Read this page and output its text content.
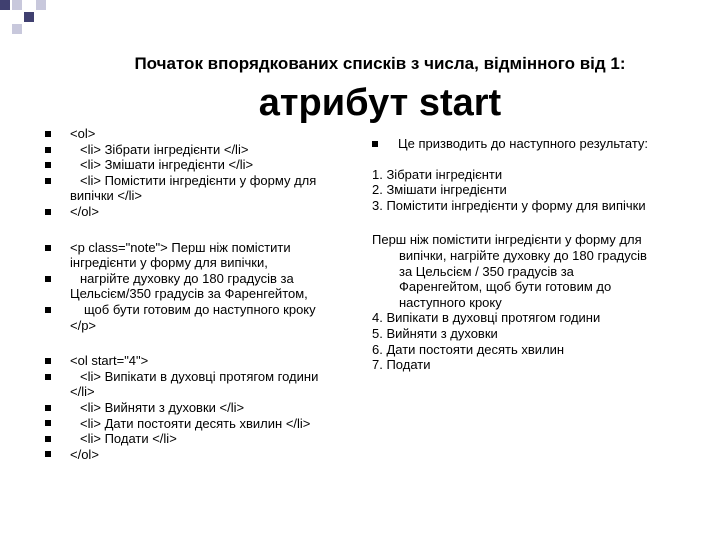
Початок впорядкованих списків з числа, відмінного від 1:
атрибут start
<ol>
<li> Зібрати інгредієнти </li>
<li> Змішати інгредієнти </li>
<li> Помістити інгредієнти у форму для
випічки </li>
</ol>
<p class="note"> Перш ніж помістити
інгредієнти у форму для випічки,
нагрійте духовку до 180 градусів за
Цельсієм/350 градусів за Фаренгейтом,
щоб бути готовим до наступного кроку
</p>
<ol start="4">
<li> Випікати в духовці протягом години
</li>
<li> Вийняти з духовки </li>
<li> Дати постояти десять хвилин </li>
<li> Подати </li>
</ol>
Це призводить до наступного результату:
1. Зібрати інгредієнти
2. Змішати інгредієнти
3. Помістити інгредієнти у форму для випічки
Перш ніж помістити інгредієнти у форму для
випічки, нагрійте духовку до 180 градусів
за Цельсієм / 350 градусів за
Фаренгейтом, щоб бути готовим до
наступного кроку
4. Випікати в духовці протягом години
5. Вийняти з духовки
6. Дати постояти десять хвилин
7. Подати
